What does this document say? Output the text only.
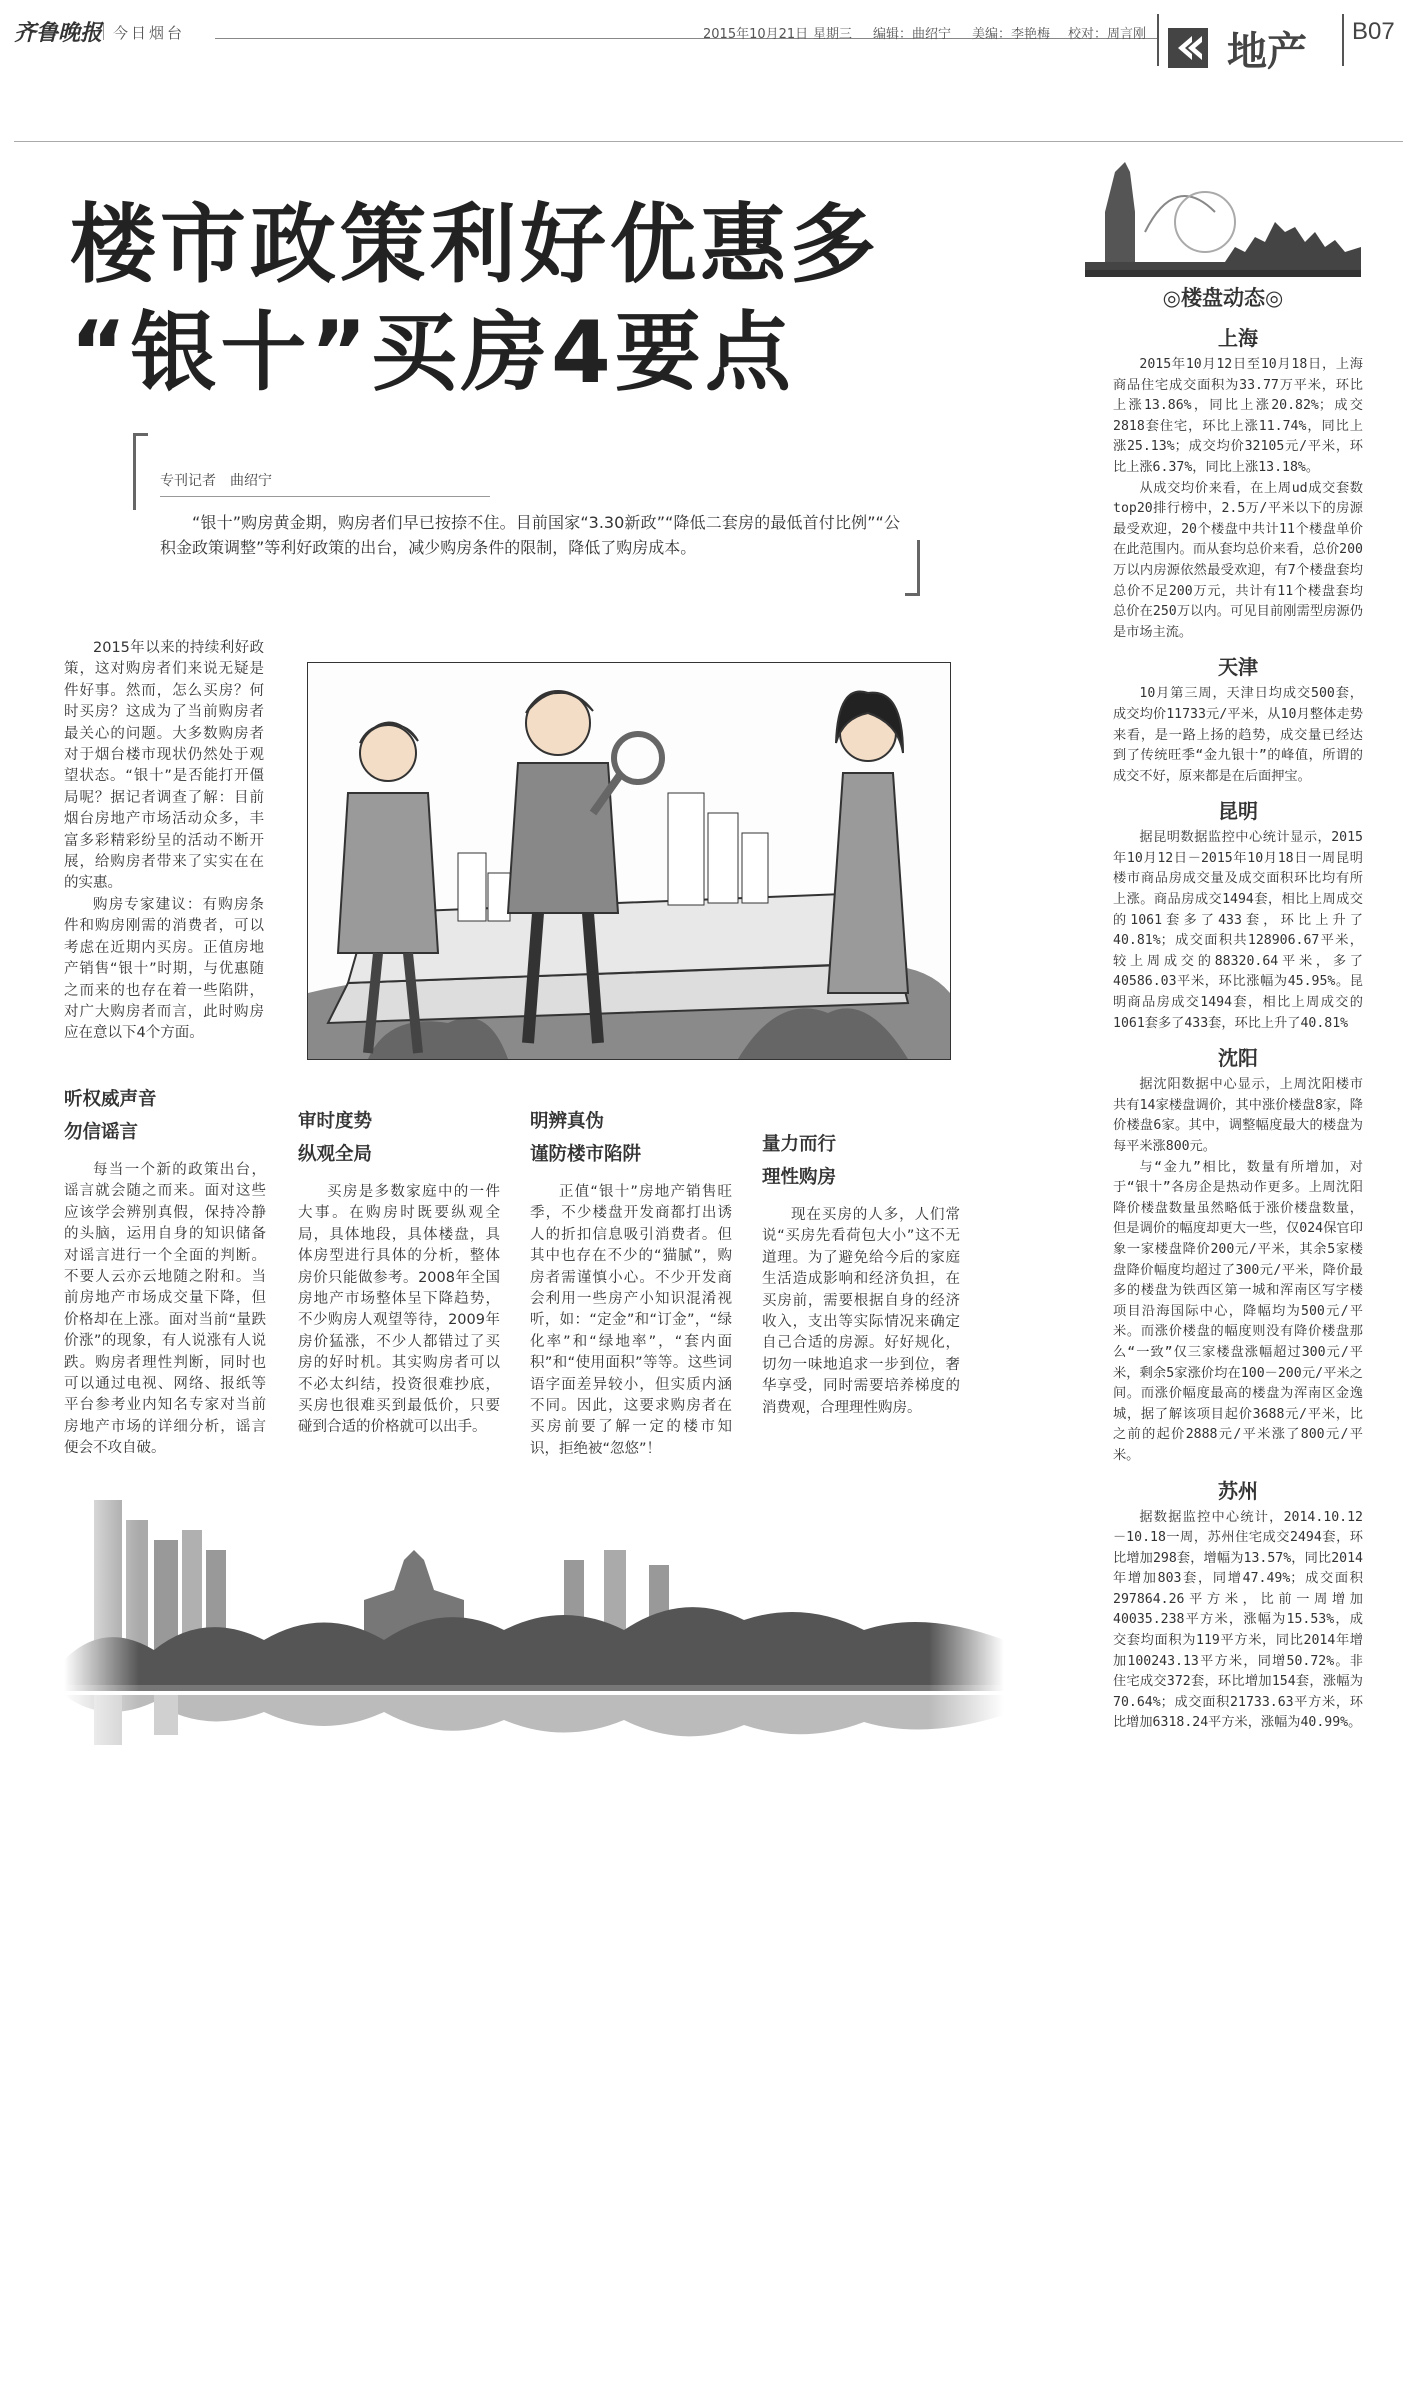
齐鲁晚报 今日烟台	2015年10月21日 星期三 编辑：曲绍宁 美编：李艳梅 校对：周言刚 地产 B07
楼市政策利好优惠多
“银十”买房4要点
专刊记者　曲绍宁
“银十”购房黄金期，购房者们早已按捺不住。目前国家“3.30新政”“降低二套房的最低首付比例”“公积金政策调整”等利好政策的出台，减少购房条件的限制，降低了购房成本。

2015年以来的持续利好政策，这对购房者们来说无疑是件好事。然而，怎么买房？何时买房？这成为了当前购房者最关心的问题。大多数购房者对于烟台楼市现状仍然处于观望状态。“银十”是否能打开僵局呢？据记者调查了解：目前烟台房地产市场活动众多，丰富多彩精彩纷呈的活动不断开展，给购房者带来了实实在在的实惠。

购房专家建议：有购房条件和购房刚需的消费者，可以考虑在近期内买房。正值房地产销售“银十”时期，与优惠随之而来的也存在着一些陷阱，对广大购房者而言，此时购房应在意以下4个方面。

听权威声音
勿信谣言

每当一个新的政策出台，谣言就会随之而来。面对这些应该学会辨别真假，保持冷静的头脑，运用自身的知识储备对谣言进行一个全面的判断。不要人云亦云地随之附和。当前房地产市场成交量下降，但价格却在上涨。面对当前“量跌价涨”的现象，有人说涨有人说跌。购房者理性判断，同时也可以通过电视、网络、报纸等平台参考业内知名专家对当前房地产市场的详细分析，谣言便会不攻自破。

审时度势
纵观全局

买房是多数家庭中的一件大事。在购房时既要纵观全局，具体地段，具体楼盘，具体房型进行具体的分析，整体房价只能做参考。2008年全国房地产市场整体呈下降趋势，不少购房人观望等待，2009年房价猛涨，不少人都错过了买房的好时机。其实购房者可以不必太纠结，投资很难抄底，买房也很难买到最低价，只要碰到合适的价格就可以出手。

明辨真伪
谨防楼市陷阱

正值“银十”房地产销售旺季，不少楼盘开发商都打出诱人的折扣信息吸引消费者。但其中也存在不少的“猫腻”，购房者需谨慎小心。不少开发商会利用一些房产小知识混淆视听，如：“定金”和“订金”，“绿化率”和“绿地率”，“套内面积”和“使用面积”等等。这些词语字面差异较小，但实质内涵不同。因此，这要求购房者在买房前要了解一定的楼市知识，拒绝被“忽悠”！

量力而行
理性购房

现在买房的人多，人们常说“买房先看荷包大小”这不无道理。为了避免给今后的家庭生活造成影响和经济负担，在买房前，需要根据自身的经济收入，支出等实际情况来确定自己合适的房源。好好规化，切勿一味地追求一步到位，奢华享受，同时需要培养梯度的消费观，合理理性购房。

◎楼盘动态◎
上海

2015年10月12日至10月18日，上海商品住宅成交面积为33.77万平米，环比上涨13.86%，同比上涨20.82%；成交2818套住宅，环比上涨11.74%，同比上涨25.13%；成交均价32105元/平米，环比上涨6.37%，同比上涨13.18%。

从成交均价来看，在上周ud成交套数top20排行榜中，2.5万/平米以下的房源最受欢迎，20个楼盘中共计11个楼盘单价在此范围内。而从套均总价来看，总价200万以内房源依然最受欢迎，有7个楼盘套均总价不足200万元，共计有11个楼盘套均总价在250万以内。可见目前刚需型房源仍是市场主流。

天津

10月第三周，天津日均成交500套，成交均价11733元/平米，从10月整体走势来看，是一路上扬的趋势，成交量已经达到了传统旺季“金九银十”的峰值，所谓的成交不好，原来都是在后面押宝。

昆明

据昆明数据监控中心统计显示，2015年10月12日－2015年10月18日一周昆明楼市商品房成交量及成交面积环比均有所上涨。商品房成交1494套，相比上周成交的1061套多了433套，环比上升了40.81%；成交面积共128906.67平米，较上周成交的88320.64平米，多了40586.03平米，环比涨幅为45.95%。昆明商品房成交1494套，相比上周成交的1061套多了433套，环比上升了40.81%

沈阳

据沈阳数据中心显示，上周沈阳楼市共有14家楼盘调价，其中涨价楼盘8家，降价楼盘6家。其中，调整幅度最大的楼盘为每平米涨800元。

与“金九”相比，数量有所增加，对于“银十”各房企是热动作更多。上周沈阳降价楼盘数量虽然略低于涨价楼盘数量，但是调价的幅度却更大一些，仅024保官印象一家楼盘降价200元/平米，其余5家楼盘降价幅度均超过了300元/平米，降价最多的楼盘为铁西区第一城和浑南区写字楼项目沿海国际中心，降幅均为500元/平米。而涨价楼盘的幅度则没有降价楼盘那么“一致”仅三家楼盘涨幅超过300元/平米，剩余5家涨价均在100－200元/平米之间。而涨价幅度最高的楼盘为浑南区金逸城，据了解该项目起价3688元/平米，比之前的起价2888元/平米涨了800元/平米。

苏州

据数据监控中心统计，2014.10.12－10.18一周，苏州住宅成交2494套，环比增加298套，增幅为13.57%，同比2014年增加803套，同增47.49%；成交面积297864.26平方米，比前一周增加40035.238平方米，涨幅为15.53%，成交套均面积为119平方米，同比2014年增加100243.13平方米，同增50.72%。非住宅成交372套，环比增加154套，涨幅为70.64%；成交面积21733.63平方米，环比增加6318.24平方米，涨幅为40.99%。
